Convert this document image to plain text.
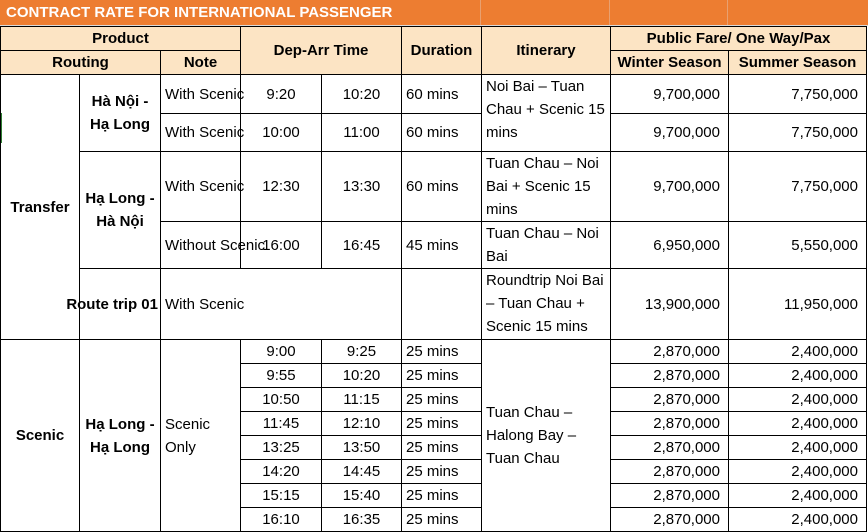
CONTRACT RATE FOR INTERNATIONAL PASSENGER
Product			Dep-Arr Time		Duration	Itinerary	Public Fare/ One Way/Pax	
Routing		Note					Winter Season	Summer Season
Transfer	Hà Nội - Hạ Long	With Scenic	9:20	10:20	60 mins	Noi Bai – Tuan Chau + Scenic 15 mins	9,700,000	7,750,000
		With Scenic	10:00	11:00	60 mins		9,700,000	7,750,000
	Hạ Long - Hà Nội	With Scenic	12:30	13:30	60 mins	Tuan Chau – Noi Bai + Scenic 15 mins	9,700,000	7,750,000
		Without Scenic	16:00	16:45	45 mins	Tuan Chau – Noi Bai	6,950,000	5,550,000
	Route trip 01	With Scenic				Roundtrip Noi Bai – Tuan Chau + Scenic 15 mins	13,900,000	11,950,000
Scenic	Hạ Long - Hạ Long	Scenic Only	9:00	9:25	25 mins	Tuan Chau – Halong Bay – Tuan Chau	2,870,000	2,400,000
			9:55	10:20	25 mins		2,870,000	2,400,000
			10:50	11:15	25 mins		2,870,000	2,400,000
			11:45	12:10	25 mins		2,870,000	2,400,000
			13:25	13:50	25 mins		2,870,000	2,400,000
			14:20	14:45	25 mins		2,870,000	2,400,000
			15:15	15:40	25 mins		2,870,000	2,400,000
			16:10	16:35	25 mins		2,870,000	2,400,000
